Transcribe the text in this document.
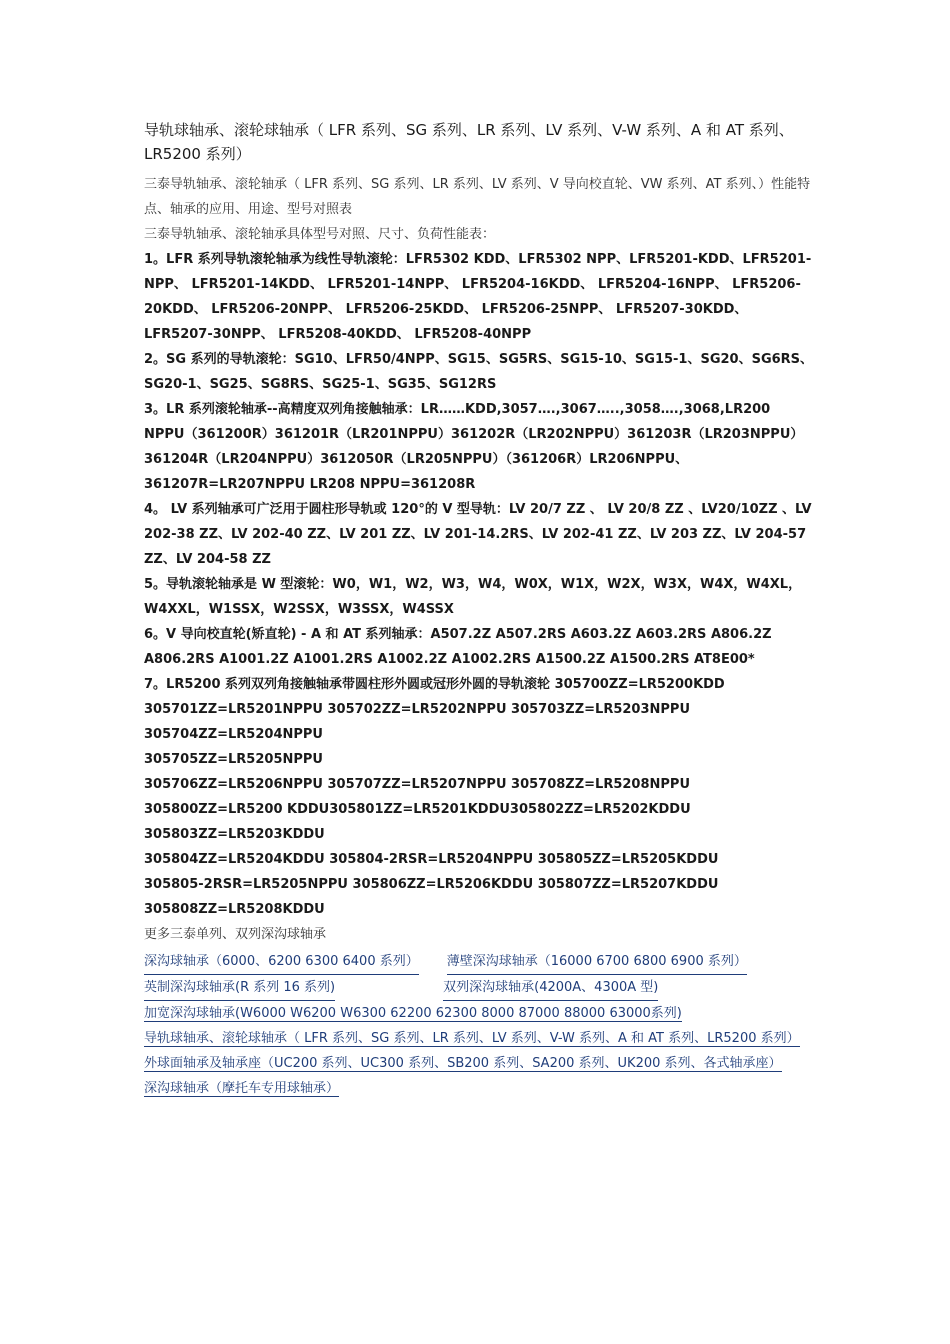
导轨球轴承、滚轮球轴承（ LFR 系列、SG 系列、LR 系列、LV 系列、V-W 系列、A 和 AT 系列、LR5200 系列）

三泰导轨轴承、滚轮轴承（ LFR 系列、SG 系列、LR 系列、LV 系列、V 导向校直轮、VW 系列、AT 系列、）性能特点、轴承的应用、用途、型号对照表

三泰导轨轴承、滚轮轴承具体型号对照、尺寸、负荷性能表：

1。LFR 系列导轨滚轮轴承为线性导轨滚轮：LFR5302 KDD、LFR5302 NPP、LFR5201-KDD、LFR5201-NPP、 LFR5201-14KDD、 LFR5201-14NPP、 LFR5204-16KDD、 LFR5204-16NPP、 LFR5206-20KDD、 LFR5206-20NPP、 LFR5206-25KDD、 LFR5206-25NPP、 LFR5207-30KDD、 LFR5207-30NPP、 LFR5208-40KDD、 LFR5208-40NPP

2。SG 系列的导轨滚轮：SG10、LFR50/4NPP、SG15、SG5RS、SG15-10、SG15-1、SG20、SG6RS、SG20-1、SG25、SG8RS、SG25-1、SG35、SG12RS

3。LR 系列滚轮轴承--高精度双列角接触轴承：LR……KDD,3057….,3067…..,3058….,3068,LR200 NPPU（361200R）361201R（LR201NPPU）361202R（LR202NPPU）361203R（LR203NPPU）361204R（LR204NPPU）3612050R（LR205NPPU）（361206R）LR206NPPU、361207R=LR207NPPU LR208 NPPU=361208R

4。 LV 系列轴承可广泛用于圆柱形导轨或 120°的 V 型导轨：LV 20/7 ZZ 、 LV 20/8 ZZ 、LV20/10ZZ 、LV 202-38 ZZ、LV 202-40 ZZ、LV 201 ZZ、LV 201-14.2RS、LV 202-41 ZZ、LV 203 ZZ、LV 204-57 ZZ、LV 204-58 ZZ

5。导轨滚轮轴承是 W 型滚轮：W0，W1，W2，W3，W4，W0X，W1X，W2X，W3X，W4X，W4XL，W4XXL，W1SSX，W2SSX，W3SSX，W4SSX

6。V 导向校直轮(矫直轮) - A 和 AT 系列轴承：A507.2Z A507.2RS A603.2Z A603.2RS A806.2Z A806.2RS A1001.2Z A1001.2RS A1002.2Z A1002.2RS A1500.2Z A1500.2RS AT8E00*

7。LR5200 系列双列角接触轴承带圆柱形外圆或冠形外圆的导轨滚轮 305700ZZ=LR5200KDD

305701ZZ=LR5201NPPU 305702ZZ=LR5202NPPU 305703ZZ=LR5203NPPU

305704ZZ=LR5204NPPU

305705ZZ=LR5205NPPU

305706ZZ=LR5206NPPU 305707ZZ=LR5207NPPU 305708ZZ=LR5208NPPU 305800ZZ=LR5200 KDDU305801ZZ=LR5201KDDU305802ZZ=LR5202KDDU 305803ZZ=LR5203KDDU

305804ZZ=LR5204KDDU 305804-2RSR=LR5204NPPU 305805ZZ=LR5205KDDU

305805-2RSR=LR5205NPPU 305806ZZ=LR5206KDDU 305807ZZ=LR5207KDDU

305808ZZ=LR5208KDDU

更多三泰单列、双列深沟球轴承

深沟球轴承（6000、6200 6300 6400 系列） 薄壁深沟球轴承（16000 6700 6800 6900 系列）
英制深沟球轴承(R 系列 16 系列)	双列深沟球轴承(4200A、4300A 型)
加宽深沟球轴承(W6000 W6200 W6300 62200 62300 8000 87000 88000 63000系列)
导轨球轴承、滚轮球轴承（ LFR 系列、SG 系列、LR 系列、LV 系列、V-W 系列、A 和 AT 系列、LR5200 系列）
外球面轴承及轴承座（UC200 系列、UC300 系列、SB200 系列、SA200 系列、UK200 系列、各式轴承座）
深沟球轴承（摩托车专用球轴承）
